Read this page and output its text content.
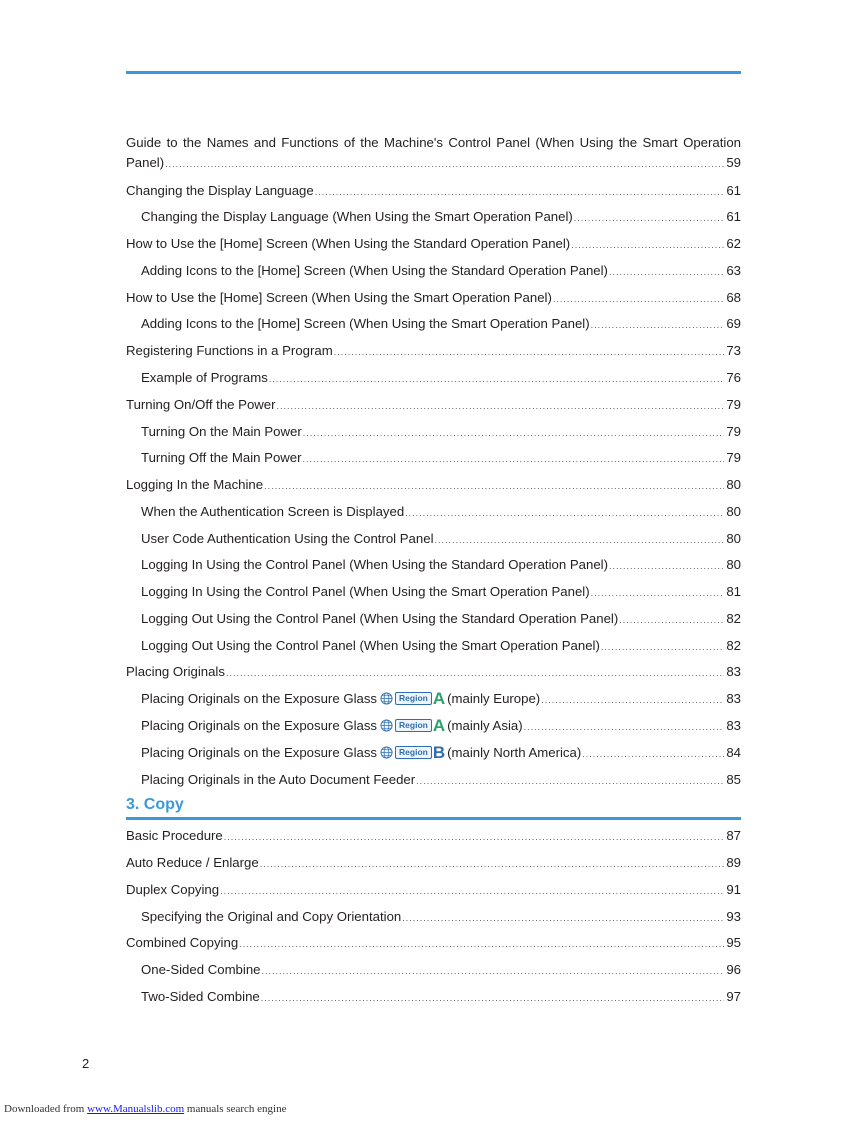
Guide to the Names and Functions of the Machine's Control Panel (When Using the Smart Operation
Panel) .....	59
Changing the Display Language .....	61
Changing the Display Language (When Using the Smart Operation Panel) .....	61
How to Use the [Home] Screen (When Using the Standard Operation Panel) .....	62
Adding Icons to the [Home] Screen (When Using the Standard Operation Panel) .....	63
How to Use the [Home] Screen (When Using the Smart Operation Panel) .....	68
Adding Icons to the [Home] Screen (When Using the Smart Operation Panel) .....	69
Registering Functions in a Program .....	73
Example of Programs .....	76
Turning On/Off the Power .....	79
Turning On the Main Power .....	79
Turning Off the Main Power .....	79
Logging In the Machine .....	80
When the Authentication Screen is Displayed .....	80
User Code Authentication Using the Control Panel .....	80
Logging In Using the Control Panel (When Using the Standard Operation Panel) .....	80
Logging In Using the Control Panel (When Using the Smart Operation Panel) .....	81
Logging Out Using the Control Panel (When Using the Standard Operation Panel) .....	82
Logging Out Using the Control Panel (When Using the Smart Operation Panel) .....	82
Placing Originals .....	83
Placing Originals on the Exposure Glass	Region A (mainly Europe) .....	83
Placing Originals on the Exposure Glass	Region A (mainly Asia) .....	83
Placing Originals on the Exposure Glass	Region B (mainly North America) .....	84
Placing Originals in the Auto Document Feeder .....	85
Basic Procedure .....	87
Auto Reduce / Enlarge .....	89
Duplex Copying .....	91
Specifying the Original and Copy Orientation .....	93
Combined Copying .....	95
One-Sided Combine .....	96
Two-Sided Combine .....	97
3. Copy
2
Downloaded from www.Manualslib.com manuals search engine
